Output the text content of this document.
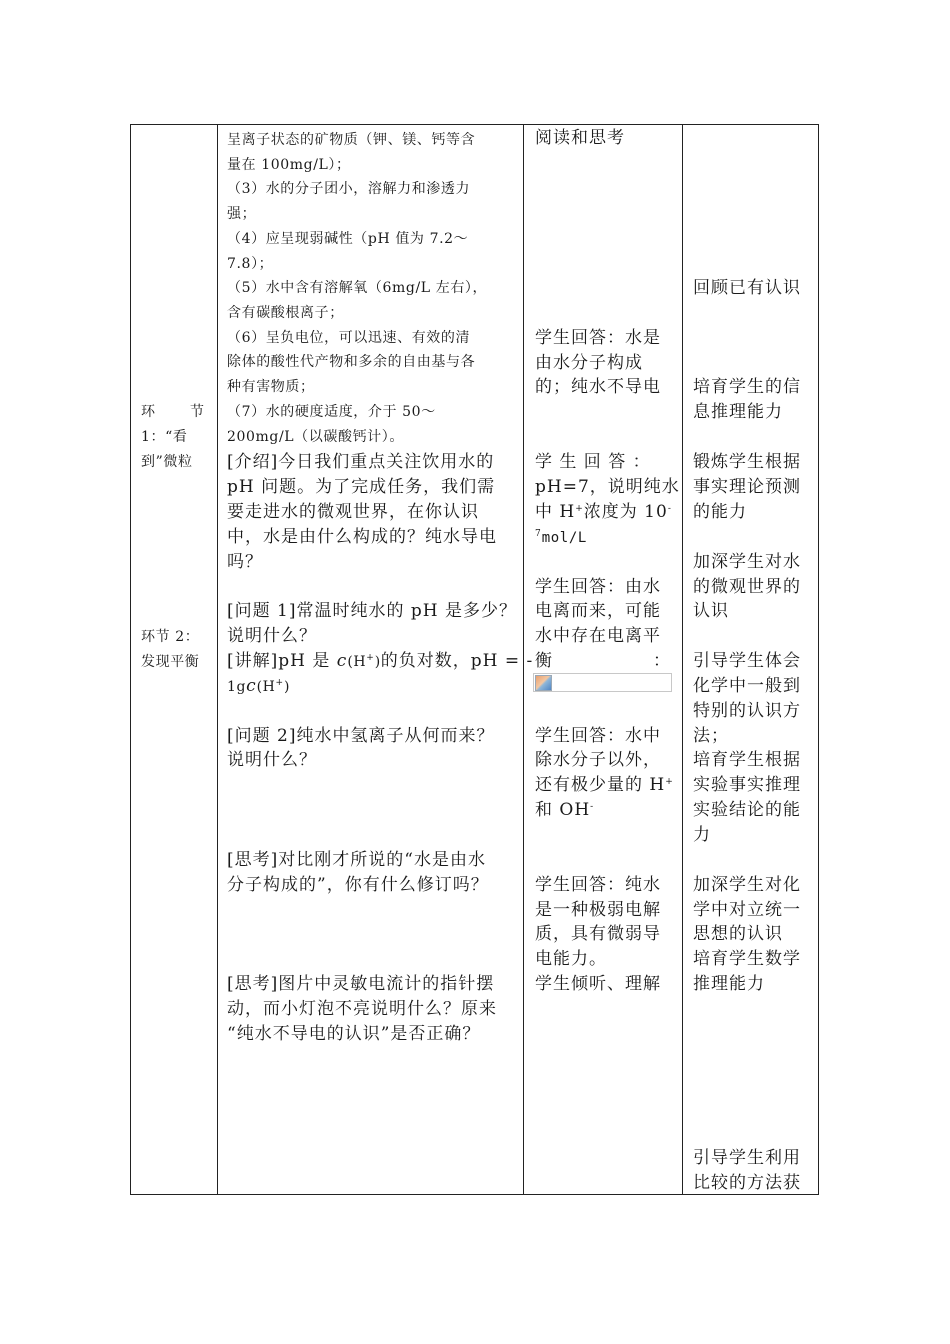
环 节
1：“看
到”微粒
环节 2：
发现平衡
呈离子状态的矿物质（钾、镁、钙等含
量在 100mg/L）；
（3）水的分子团小，溶解力和渗透力
强；
（4）应呈现弱碱性（pH 值为 7.2～
7.8）；
（5）水中含有溶解氧（6mg/L 左右），
含有碳酸根离子；
（6）呈负电位，可以迅速、有效的清
除体的酸性代产物和多余的自由基与各
种有害物质；
（7）水的硬度适度，介于 50～
200mg/L（以碳酸钙计）。
[介绍]今日我们重点关注饮用水的
pH 问题。为了完成任务，我们需
要走进水的微观世界，在你认识
中，水是由什么构成的？纯水导电
吗？
[问题 1]常温时纯水的 pH 是多少？
说明什么？
[讲解]pH 是 c(H+)的负对数，pH = -
1gc(H+)
[问题 2]纯水中氢离子从何而来？
说明什么？
[思考]对比刚才所说的“水是由水
分子构成的”，你有什么修订吗？
[思考]图片中灵敏电流计的指针摆
动，而小灯泡不亮说明什么？原来
“纯水不导电的认识”是否正确？
阅读和思考
学生回答：水是
由水分子构成
的；纯水不导电
学 生 回 答 ：
pH=7，说明纯水
中 H+浓度为 10-
$^7$mol/L
学生回答：由水
电离而来，可能
水中存在电离平
衡	：
学生回答：水中
除水分子以外，
还有极少量的 H+
和 OH-
学生回答：纯水
是一种极弱电解
质，具有微弱导
电能力。
学生倾听、理解
回顾已有认识
培育学生的信
息推理能力
锻炼学生根据
事实理论预测
的能力
加深学生对水
的微观世界的
认识
引导学生体会
化学中一般到
特别的认识方
法；
培育学生根据
实验事实推理
实验结论的能
力
加深学生对化
学中对立统一
思想的认识
培育学生数学
推理能力
引导学生利用
比较的方法获
